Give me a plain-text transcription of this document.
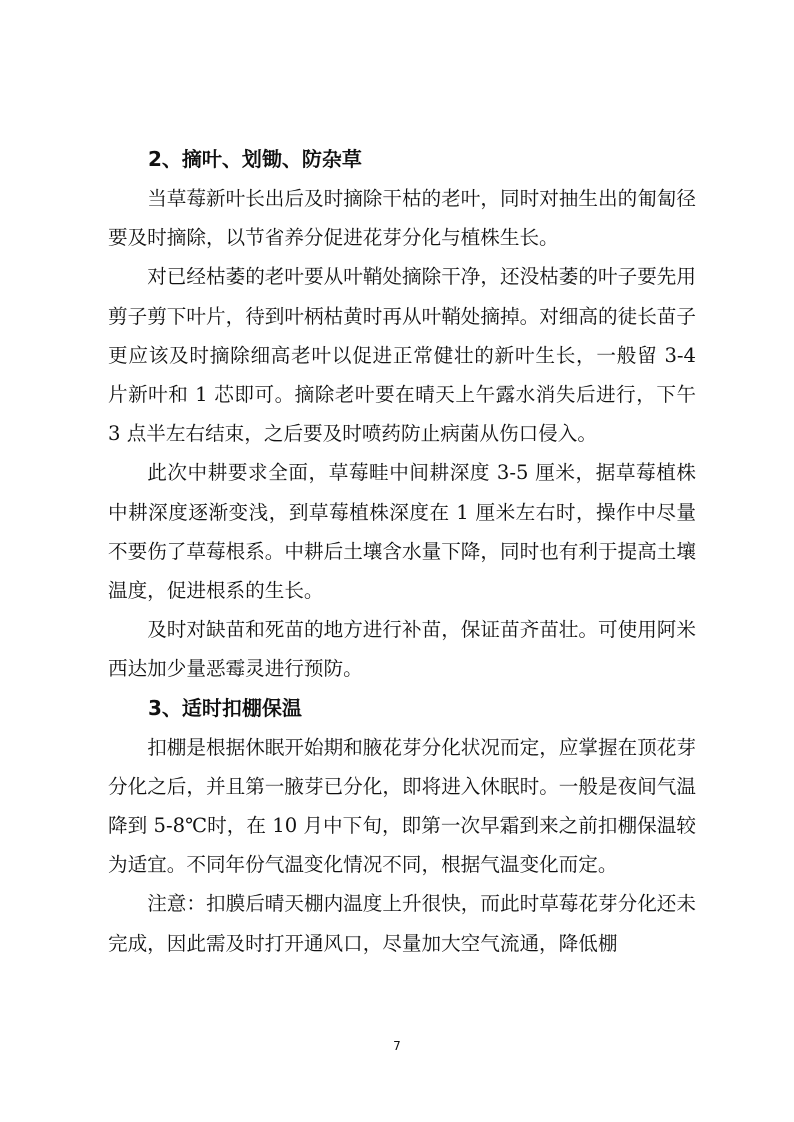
2、摘叶、划锄、防杂草

当草莓新叶长出后及时摘除干枯的老叶，同时对抽生出的匍匐径要及时摘除，以节省养分促进花芽分化与植株生长。

对已经枯萎的老叶要从叶鞘处摘除干净，还没枯萎的叶子要先用剪子剪下叶片，待到叶柄枯黄时再从叶鞘处摘掉。对细高的徒长苗子更应该及时摘除细高老叶以促进正常健壮的新叶生长，一般留 3-4 片新叶和 1 芯即可。摘除老叶要在晴天上午露水消失后进行，下午 3 点半左右结束，之后要及时喷药防止病菌从伤口侵入。

此次中耕要求全面，草莓畦中间耕深度 3-5 厘米，据草莓植株中耕深度逐渐变浅，到草莓植株深度在 1 厘米左右时，操作中尽量不要伤了草莓根系。中耕后土壤含水量下降，同时也有利于提高土壤温度，促进根系的生长。

及时对缺苗和死苗的地方进行补苗，保证苗齐苗壮。可使用阿米西达加少量恶霉灵进行预防。

3、适时扣棚保温

扣棚是根据休眠开始期和腋花芽分化状况而定，应掌握在顶花芽分化之后，并且第一腋芽已分化，即将进入休眠时。一般是夜间气温降到 5-8℃时，在 10 月中下旬，即第一次早霜到来之前扣棚保温较为适宜。不同年份气温变化情况不同，根据气温变化而定。

注意：扣膜后晴天棚内温度上升很快，而此时草莓花芽分化还未完成，因此需及时打开通风口，尽量加大空气流通，降低棚

7
